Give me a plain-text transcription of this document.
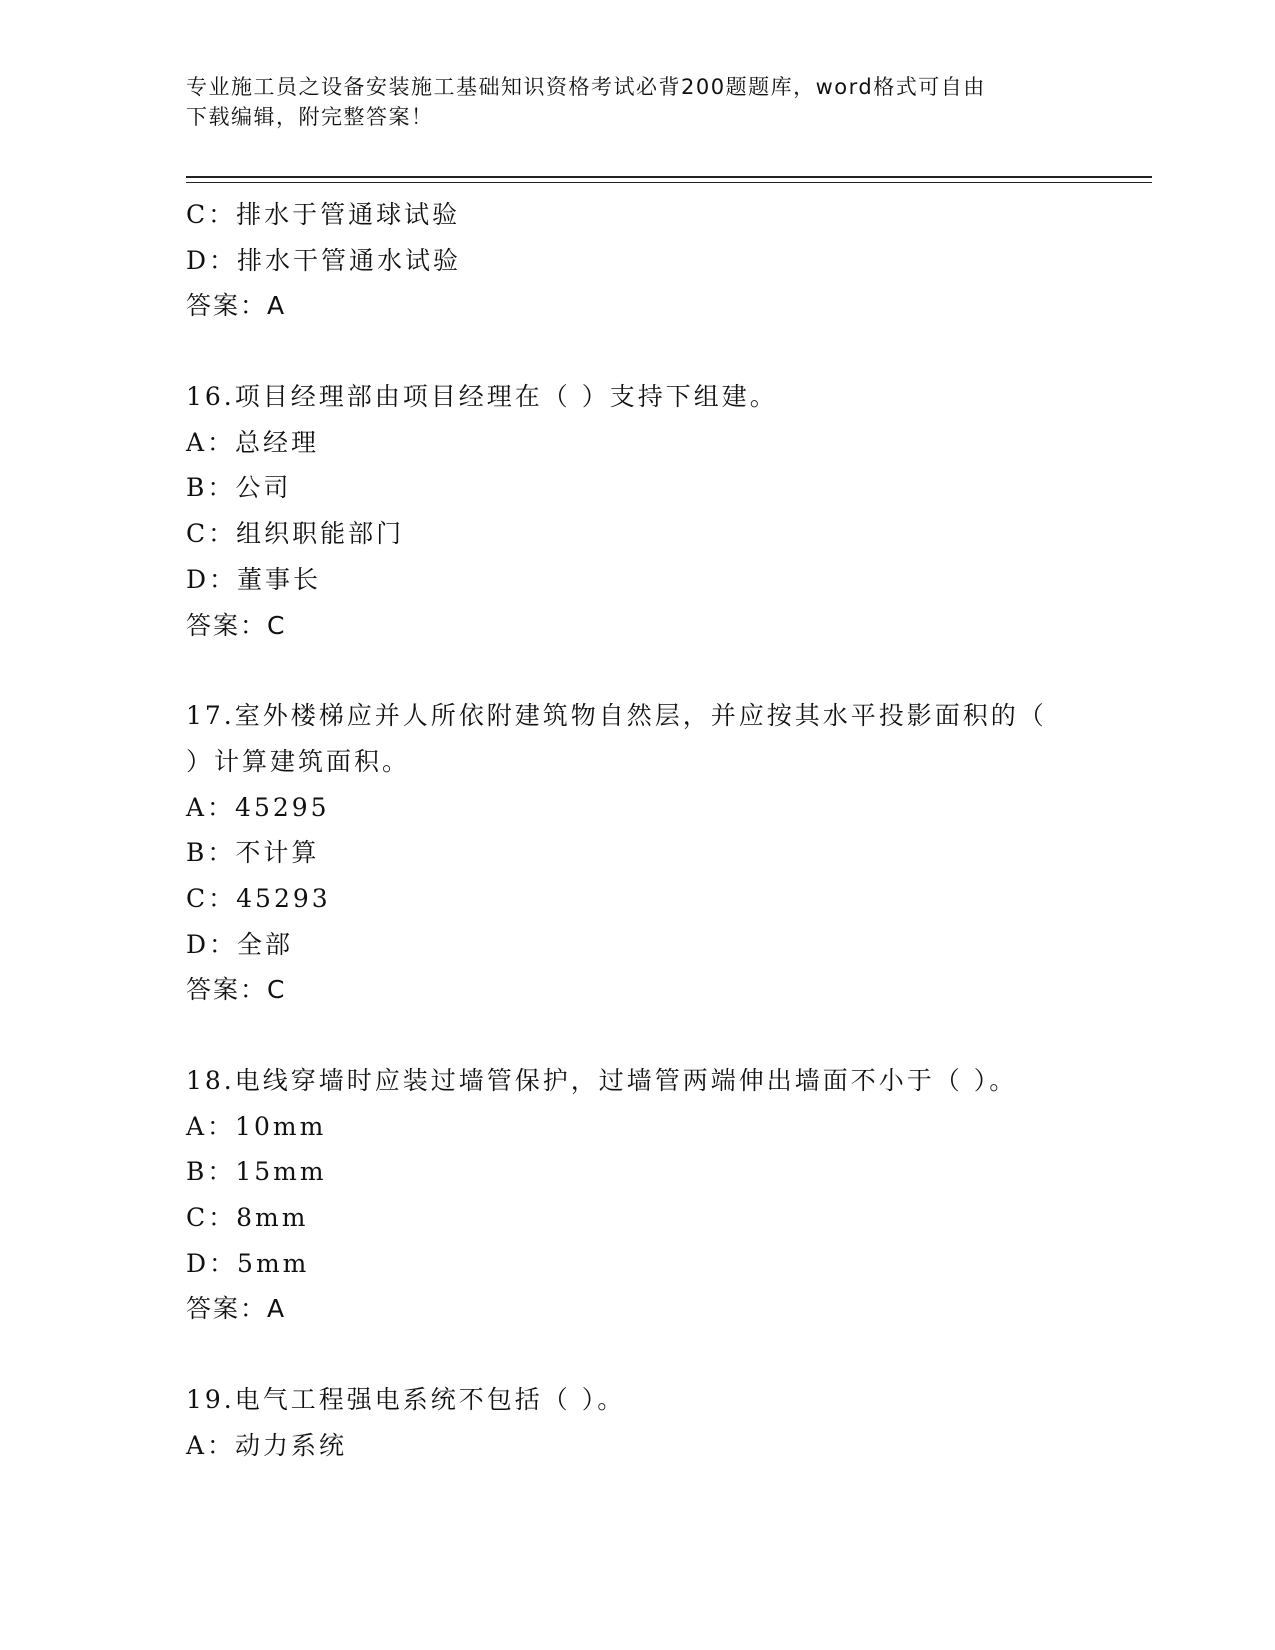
专业施工员之设备安装施工基础知识资格考试必背200题题库，word格式可自由
下载编辑，附完整答案！
C：排水于管通球试验
D：排水干管通水试验
答案：A
16.项目经理部由项目经理在（ ）支持下组建。
A：总经理
B：公司
C：组织职能部门
D：董事长
答案：C
17.室外楼梯应并人所依附建筑物自然层，并应按其水平投影面积的（
）计算建筑面积。
A：45295
B：不计算
C：45293
D：全部
答案：C
18.电线穿墙时应装过墙管保护，过墙管两端伸出墙面不小于（ ）。
A：10mm
B：15mm
C：8mm
D：5mm
答案：A
19.电气工程强电系统不包括（ ）。
A：动力系统
